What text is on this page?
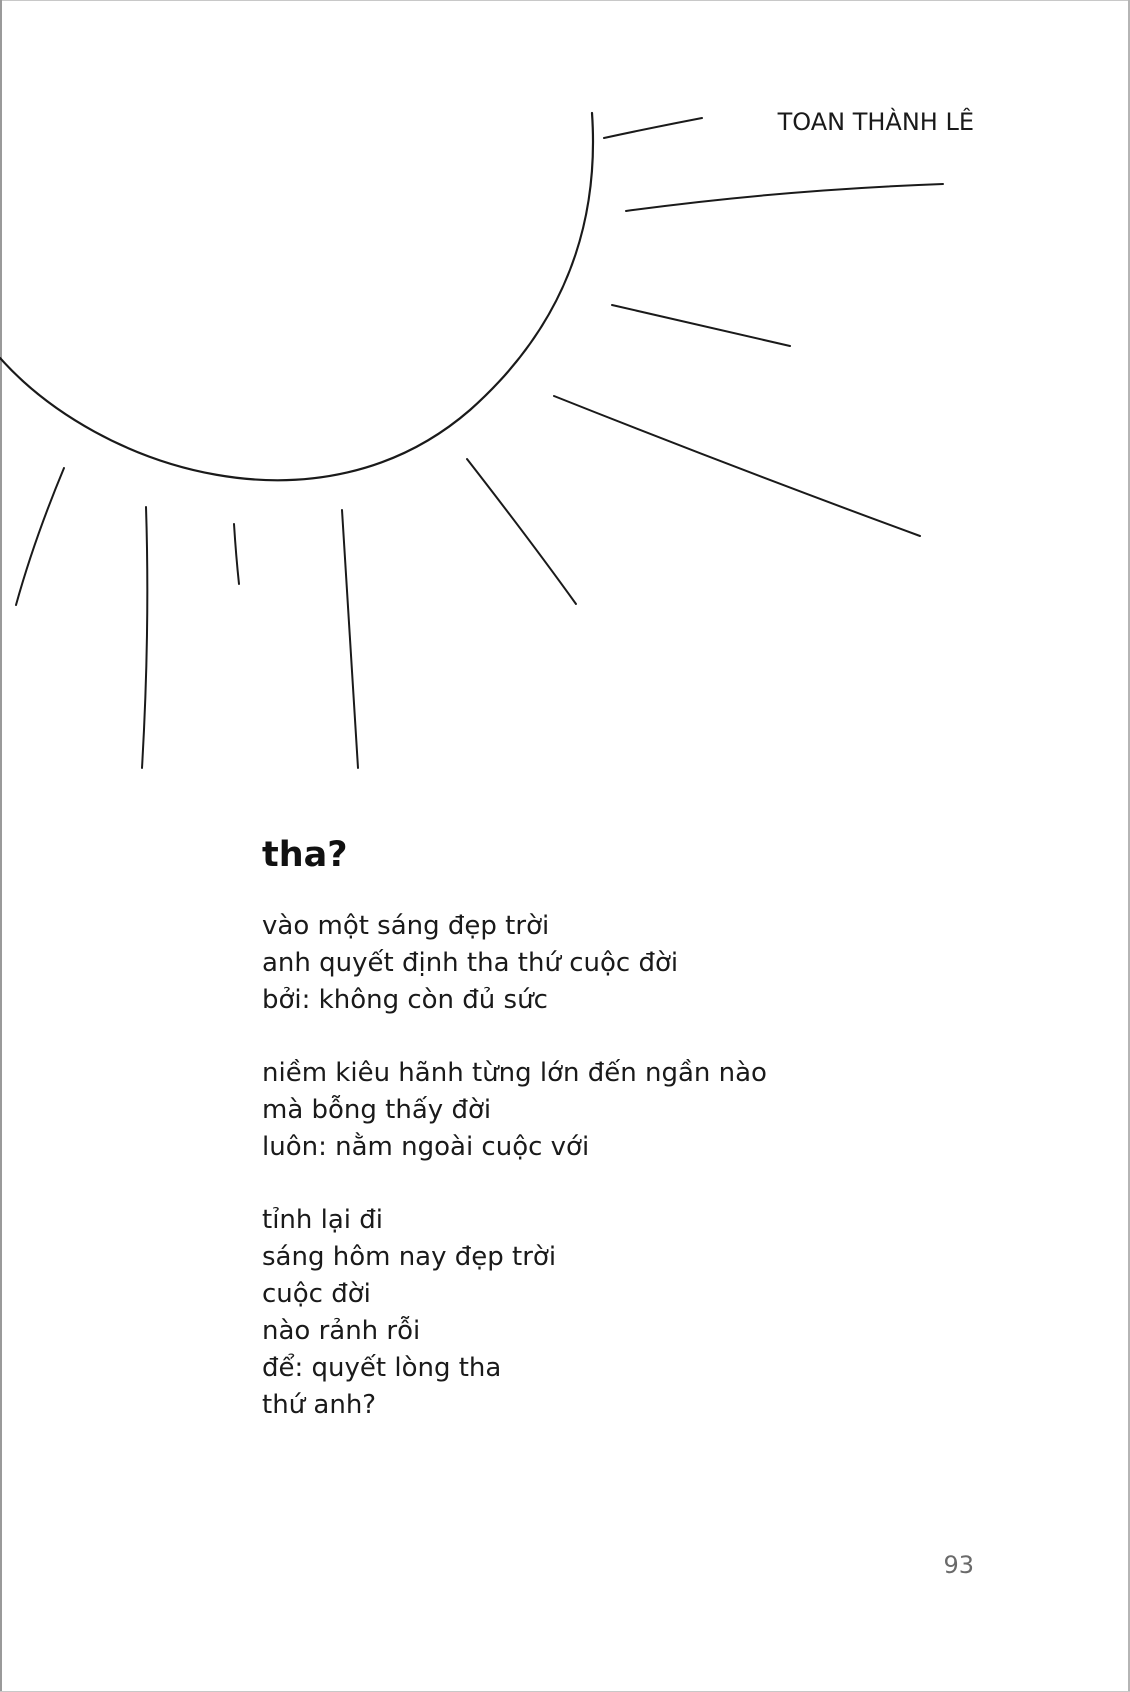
TOAN THÀNH LÊ
tha?
vào một sáng đẹp trời
anh quyết định tha thứ cuộc đời
bởi: không còn đủ sức
niềm kiêu hãnh từng lớn đến ngần nào
mà bỗng thấy đời
luôn: nằm ngoài cuộc với
tỉnh lại đi
sáng hôm nay đẹp trời
cuộc đời
nào rảnh rỗi
để: quyết lòng tha
thứ anh?
93
